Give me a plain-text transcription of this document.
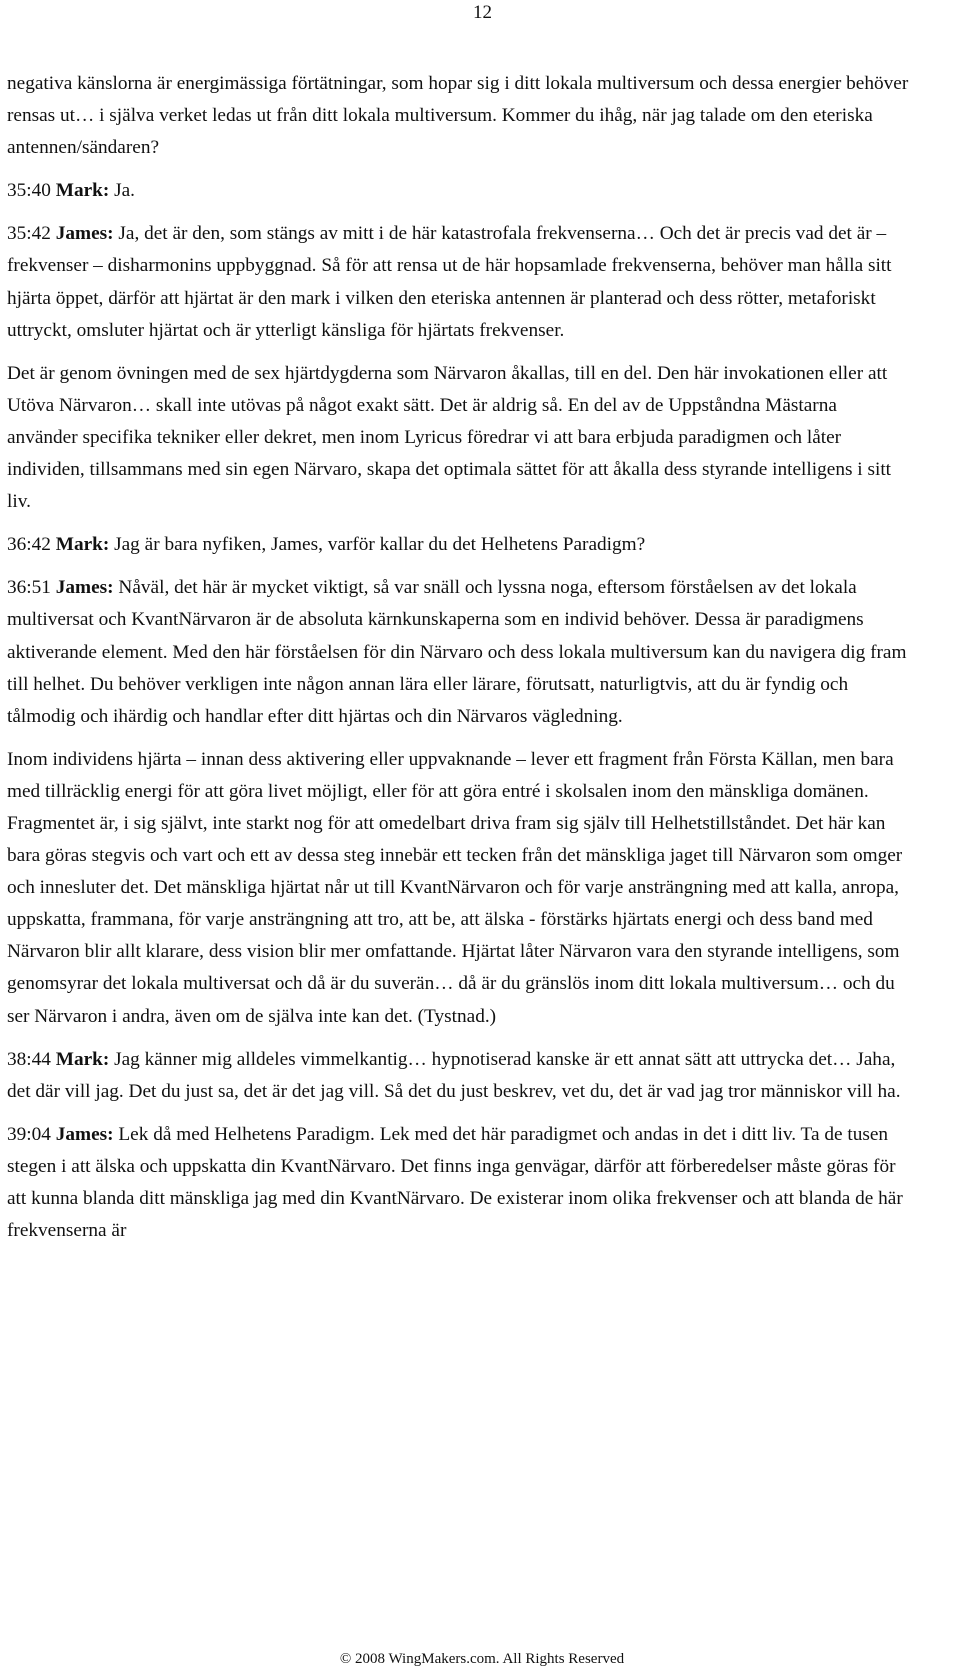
12

negativa känslorna är energimässiga förtätningar, som hopar sig i ditt lokala multiversum och dessa energier behöver rensas ut… i själva verket ledas ut från ditt lokala multiversum. Kommer du ihåg, när jag talade om den eteriska antennen/sändaren?

35:40 Mark: Ja.

35:42 James: Ja, det är den, som stängs av mitt i de här katastrofala frekvenserna… Och det är precis vad det är – frekvenser – disharmonins uppbyggnad. Så för att rensa ut de här hopsamlade frekvenserna, behöver man hålla sitt hjärta öppet, därför att hjärtat är den mark i vilken den eteriska antennen är planterad och dess rötter, metaforiskt uttryckt, omsluter hjärtat och är ytterligt känsliga för hjärtats frekvenser.

Det är genom övningen med de sex hjärtdygderna som Närvaron åkallas, till en del. Den här invokationen eller att Utöva Närvaron… skall inte utövas på något exakt sätt. Det är aldrig så. En del av de Uppståndna Mästarna använder specifika tekniker eller dekret, men inom Lyricus föredrar vi att bara erbjuda paradigmen och låter individen, tillsammans med sin egen Närvaro, skapa det optimala sättet för att åkalla dess styrande intelligens i sitt liv.

36:42 Mark: Jag är bara nyfiken, James, varför kallar du det Helhetens Paradigm?

36:51 James: Nåväl, det här är mycket viktigt, så var snäll och lyssna noga, eftersom förståelsen av det lokala multiversat och KvantNärvaron är de absoluta kärnkunskaperna som en individ behöver. Dessa är paradigmens aktiverande element. Med den här förståelsen för din Närvaro och dess lokala multiversum kan du navigera dig fram till helhet. Du behöver verkligen inte någon annan lära eller lärare, förutsatt, naturligtvis, att du är fyndig och tålmodig och ihärdig och handlar efter ditt hjärtas och din Närvaros vägledning.

Inom individens hjärta – innan dess aktivering eller uppvaknande – lever ett fragment från Första Källan, men bara med tillräcklig energi för att göra livet möjligt, eller för att göra entré i skolsalen inom den mänskliga domänen. Fragmentet är, i sig självt, inte starkt nog för att omedelbart driva fram sig själv till Helhetstillståndet. Det här kan bara göras stegvis och vart och ett av dessa steg innebär ett tecken från det mänskliga jaget till Närvaron som omger och innesluter det. Det mänskliga hjärtat når ut till KvantNärvaron och för varje ansträngning med att kalla, anropa, uppskatta, frammana, för varje ansträngning att tro, att be, att älska - förstärks hjärtats energi och dess band med Närvaron blir allt klarare, dess vision blir mer omfattande. Hjärtat låter Närvaron vara den styrande intelligens, som genomsyrar det lokala multiversat och då är du suverän… då är du gränslös inom ditt lokala multiversum… och du ser Närvaron i andra, även om de själva inte kan det. (Tystnad.)

38:44 Mark: Jag känner mig alldeles vimmelkantig… hypnotiserad kanske är ett annat sätt att uttrycka det… Jaha, det där vill jag. Det du just sa, det är det jag vill. Så det du just beskrev, vet du, det är vad jag tror människor vill ha.

39:04 James: Lek då med Helhetens Paradigm. Lek med det här paradigmet och andas in det i ditt liv. Ta de tusen stegen i att älska och uppskatta din KvantNärvaro. Det finns inga genvägar, därför att förberedelser måste göras för att kunna blanda ditt mänskliga jag med din KvantNärvaro. De existerar inom olika frekvenser och att blanda de här frekvenserna är

© 2008 WingMakers.com. All Rights Reserved
